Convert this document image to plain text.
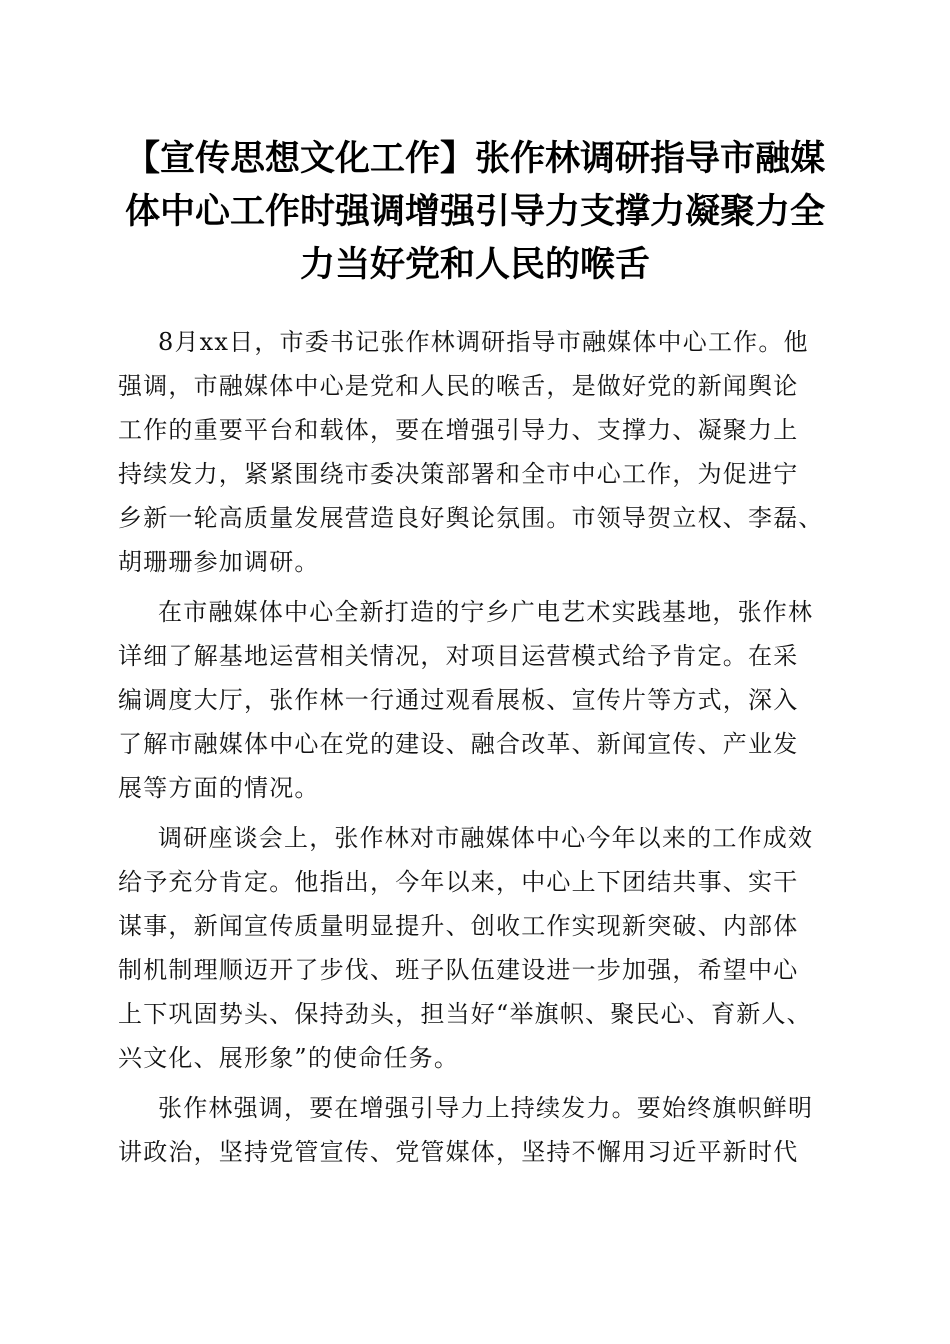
【宣传思想文化工作】张作林调研指导市融媒
体中心工作时强调增强引导力支撑力凝聚力全
力当好党和人民的喉舌

8月xx日，市委书记张作林调研指导市融媒体中心工作。他
强调，市融媒体中心是党和人民的喉舌，是做好党的新闻舆论
工作的重要平台和载体，要在增强引导力、支撑力、凝聚力上
持续发力，紧紧围绕市委决策部署和全市中心工作，为促进宁
乡新一轮高质量发展营造良好舆论氛围。市领导贺立权、李磊、
胡珊珊参加调研。

在市融媒体中心全新打造的宁乡广电艺术实践基地，张作林
详细了解基地运营相关情况，对项目运营模式给予肯定。在采
编调度大厅，张作林一行通过观看展板、宣传片等方式，深入
了解市融媒体中心在党的建设、融合改革、新闻宣传、产业发
展等方面的情况。

调研座谈会上，张作林对市融媒体中心今年以来的工作成效
给予充分肯定。他指出，今年以来，中心上下团结共事、实干
谋事，新闻宣传质量明显提升、创收工作实现新突破、内部体
制机制理顺迈开了步伐、班子队伍建设进一步加强，希望中心
上下巩固势头、保持劲头，担当好“举旗帜、聚民心、育新人、
兴文化、展形象”的使命任务。

张作林强调，要在增强引导力上持续发力。要始终旗帜鲜明
讲政治，坚持党管宣传、党管媒体，坚持不懈用习近平新时代
